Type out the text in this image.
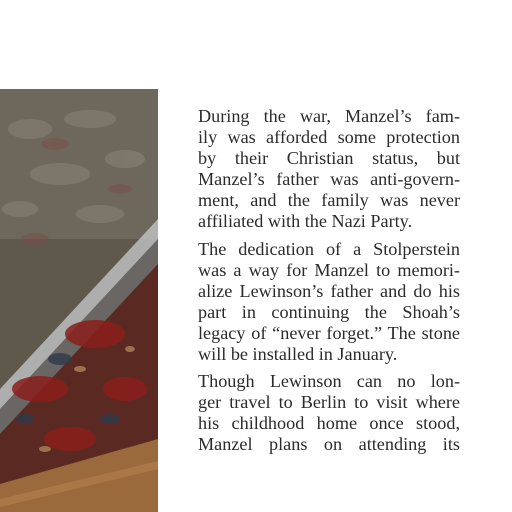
During the war, Manzel’s fam-
ily was afforded some protection
by their Christian status, but
Manzel’s father was anti-govern-
ment, and the family was never
affiliated with the Nazi Party.

The dedication of a Stolperstein
was a way for Manzel to memori-
alize Lewinson’s father and do his
part in continuing the Shoah’s
legacy of “never forget.” The stone
will be installed in January.

Though Lewinson can no lon-
ger travel to Berlin to visit where
his childhood home once stood,
Manzel plans on attending its
